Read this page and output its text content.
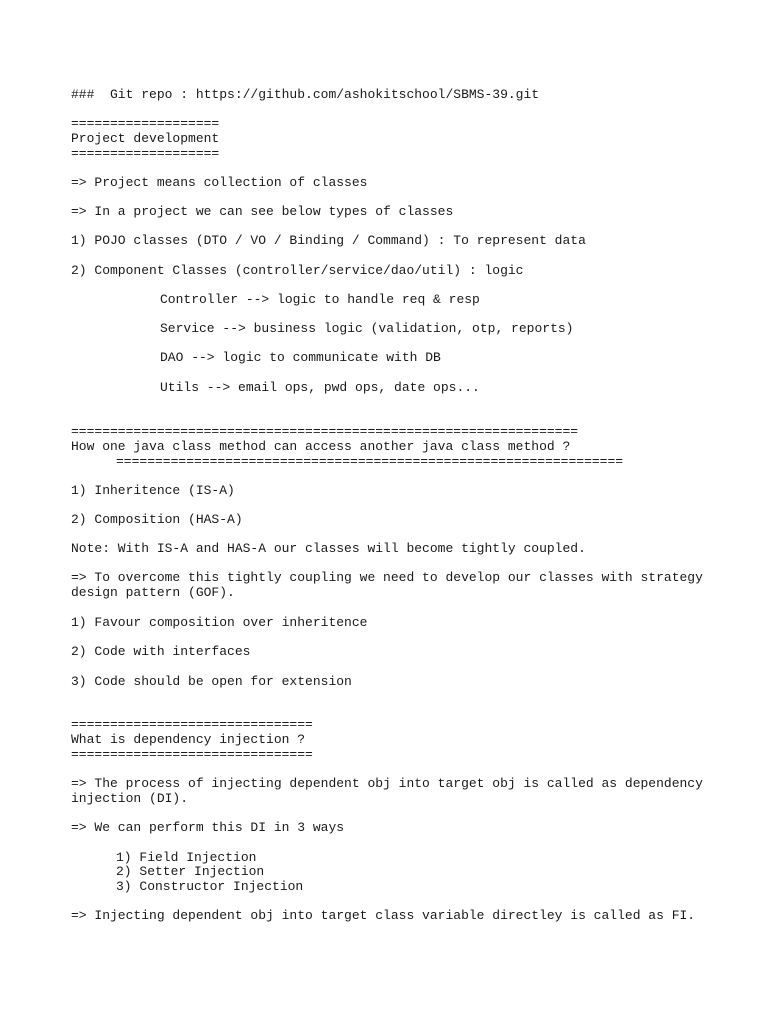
###  Git repo : https://github.com/ashokitschool/SBMS-39.git

===================

Project development

===================

=> Project means collection of classes

=> In a project we can see below types of classes

1) POJO classes (DTO / VO / Binding / Command) : To represent data

2) Component Classes (controller/service/dao/util) : logic

Controller --> logic to handle req & resp

Service --> business logic (validation, otp, reports)

DAO --> logic to communicate with DB

Utils --> email ops, pwd ops, date ops...

=================================================================

How one java class method can access another java class method ?

=================================================================

1) Inheritence (IS-A)

2) Composition (HAS-A)

Note: With IS-A and HAS-A our classes will become tightly coupled.

=> To overcome this tightly coupling we need to develop our classes with strategy

design pattern (GOF).

1) Favour composition over inheritence

2) Code with interfaces

3) Code should be open for extension

===============================

What is dependency injection ?

===============================

=> The process of injecting dependent obj into target obj is called as dependency

injection (DI).

=> We can perform this DI in 3 ways

1) Field Injection

2) Setter Injection

3) Constructor Injection

=> Injecting dependent obj into target class variable directley is called as FI.
